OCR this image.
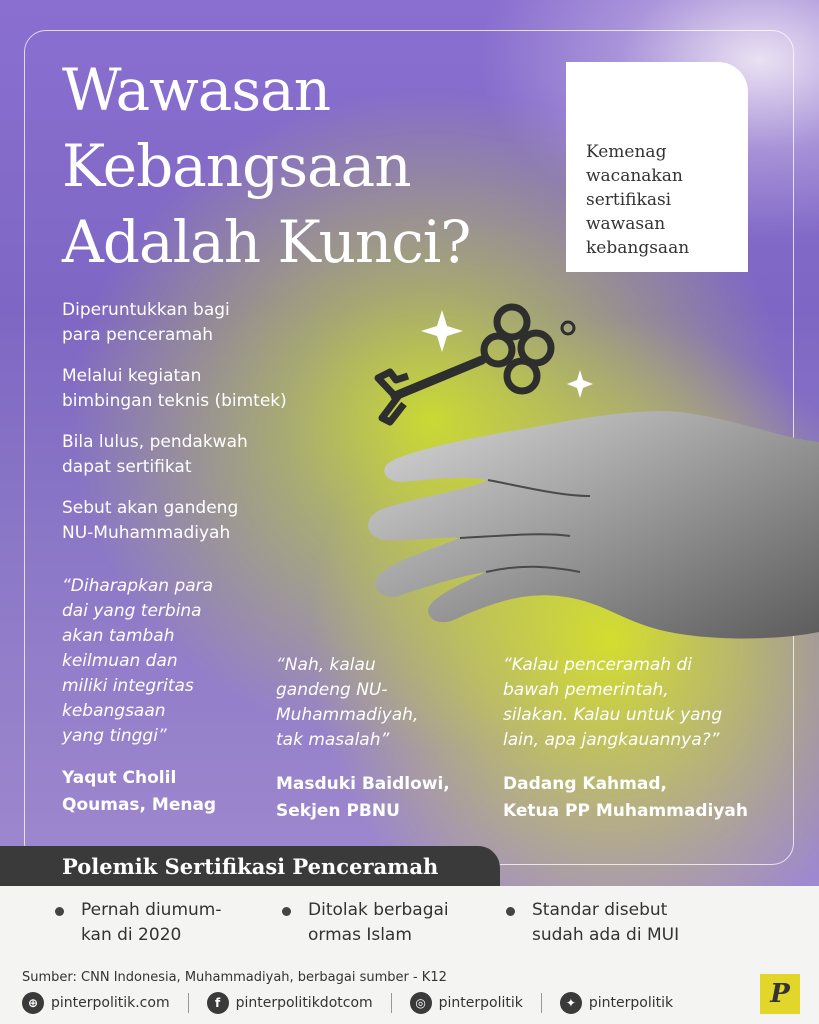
Wawasan
Kebangsaan
Adalah Kunci?
Kemenag
wacanakan
sertifikasi
wawasan
kebangsaan
Diperuntukkan bagi
para penceramah
Melalui kegiatan
bimbingan teknis (bimtek)
Bila lulus, pendakwah
dapat sertifikat
Sebut akan gandeng
NU-Muhammadiyah
“Diharapkan para
dai yang terbina
akan tambah
keilmuan dan
miliki integritas
kebangsaan
yang tinggi”
Yaqut Cholil
Qoumas, Menag
“Nah, kalau
gandeng NU-
Muhammadiyah,
tak masalah”
Masduki Baidlowi,
Sekjen PBNU
“Kalau penceramah di
bawah pemerintah,
silakan. Kalau untuk yang
lain, apa jangkauannya?”
Dadang Kahmad,
Ketua PP Muhammadiyah
Polemik Sertifikasi Penceramah
Pernah diumum-
kan di 2020
Ditolak berbagai
ormas Islam
Standar disebut
sudah ada di MUI
Sumber: CNN Indonesia, Muhammadiyah, berbagai sumber - K12
⊕ pinterpolitik.com	f	pinterpolitikdotcom	◎ pinterpolitik	✦ pinterpolitik	P
